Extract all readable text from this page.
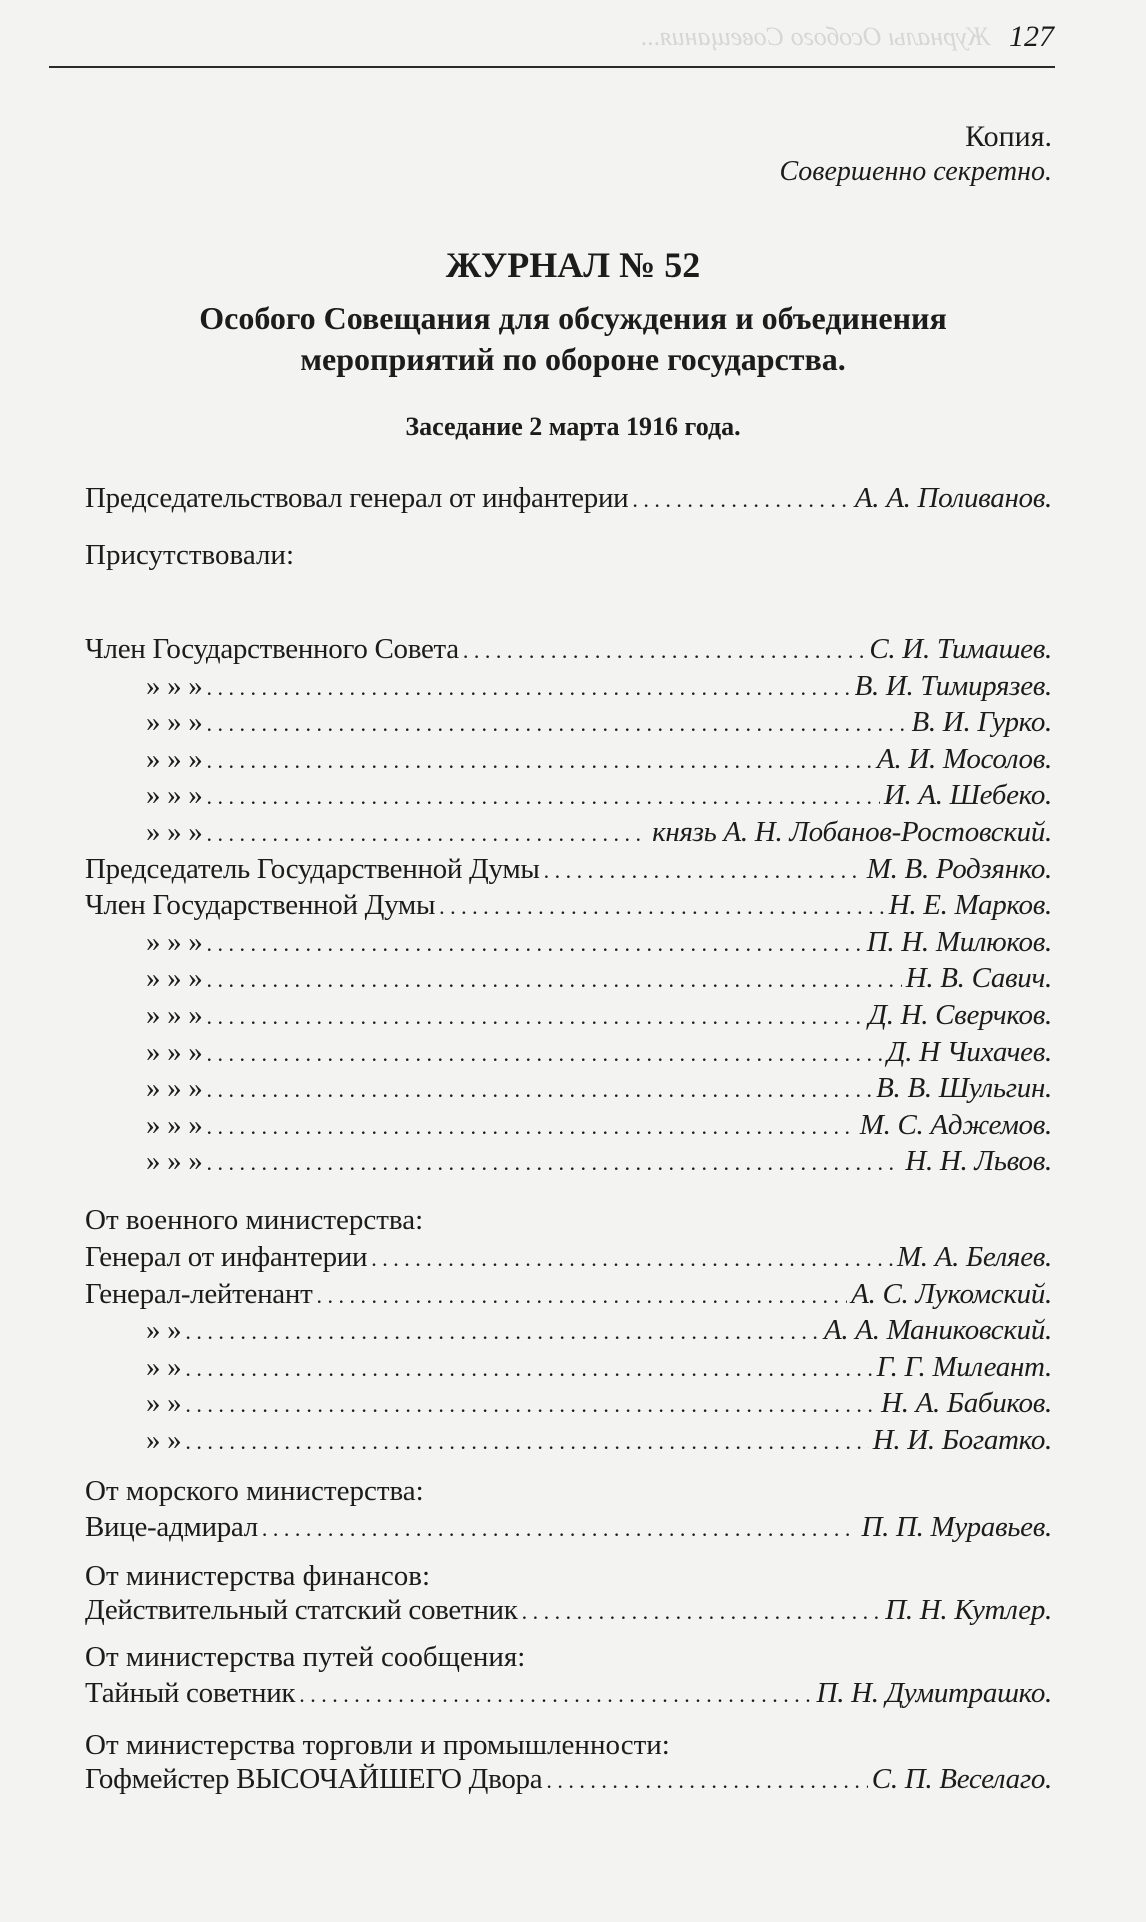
Журналы Особого Совещания... 127
Копия.
Совершенно секретно.
ЖУРНАЛ № 52
Особого Совещания для обсуждения и объединения
мероприятий по обороне государства.
Заседание 2 марта 1916 года.
Председательствовал генерал от инфантерии . . .	А. А. Поливанов.
Присутствовали:
Член Государственного Совета . . .	С. И. Тимашев.
» » » . . .	В. И. Тимирязев.
» » » . . .	В. И. Гурко.
» » » . . .	А. И. Мосолов.
» » » . . .	И. А. Шебеко.
» » » . . .	князь А. Н. Лобанов-Ростовский.
Председатель Государственной Думы . . .	М. В. Родзянко.
Член Государственной Думы . . .	Н. Е. Марков.
» » » . . .	П. Н. Милюков.
» » » . . .	Н. В. Савич.
» » » . . .	Д. Н. Сверчков.
» » » . . .	Д. Н Чихачев.
» » » . . .	В. В. Шульгин.
» » » . . .	М. С. Аджемов.
» » » . . .	Н. Н. Львов.
От военного министерства:
Генерал от инфантерии . . .	М. А. Беляев.
Генерал-лейтенант . . .	А. С. Лукомский.
» » . . .	А. А. Маниковский.
» » . . .	Г. Г. Милеант.
» » . . .	Н. А. Бабиков.
» » . . .	Н. И. Богатко.
От морского министерства:
Вице-адмирал . . .	П. П. Муравьев.
От министерства финансов:
Действительный статский советник . . .	П. Н. Кутлер.
От министерства путей сообщения:
Тайный советник . . .	П. Н. Думитрашко.
От министерства торговли и промышленности:
Гофмейстер ВЫСОЧАЙШЕГО Двора . . .	С. П. Веселаго.
